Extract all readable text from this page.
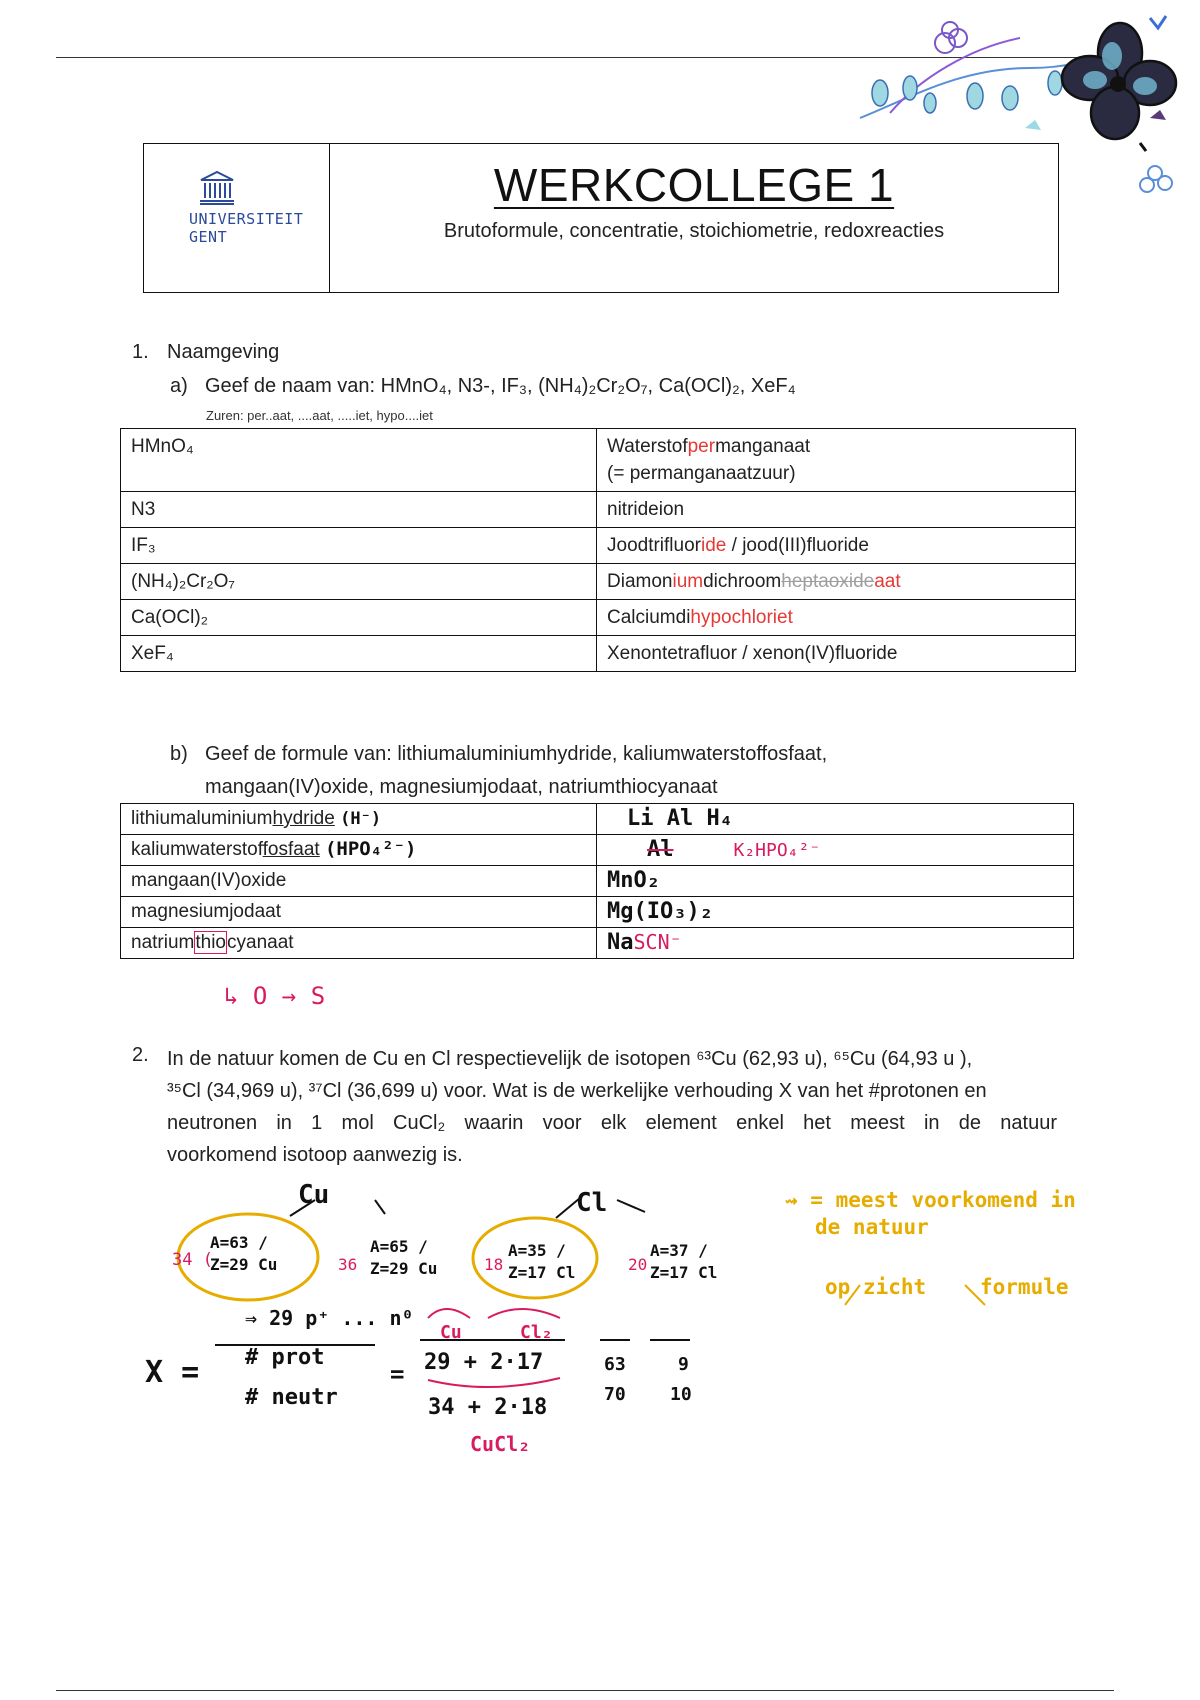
UNIVERSITEIT
GENT
WERKCOLLEGE 1
Brutoformule, concentratie, stoichiometrie, redoxreacties
1. Naamgeving
a) Geef de naam van: HMnO₄, N3-, IF₃, (NH₄)₂Cr₂O₇, Ca(OCl)₂, XeF₄
Zuren: per..aat, ....aat, .....iet, hypo....iet
HMnO₄	Waterstofpermanganaat
(= permanganaatzuur)
N3	nitrideion
IF₃	Joodtrifluoride / jood(III)fluoride
(NH₄)₂Cr₂O₇	Diamoniumdichroomheptaoxideaat
Ca(OCl)₂	Calciumdihypochloriet
XeF₄	Xenontetrafluor / xenon(IV)fluoride
b) Geef de formule van: lithiumaluminiumhydride, kaliumwaterstoffosfaat,
mangaan(IV)oxide, magnesiumjodaat, natriumthiocyanaat
lithiumaluminiumhydride (H⁻)	Li Al H₄
kaliumwaterstoffosfaat (HPO₄²⁻)	Al K₂HPO₄²⁻
mangaan(IV)oxide	MnO₂
magnesiumjodaat	Mg(IO₃)₂
natriumthiocyanaat	NaSCN⁻
↳ O → S
2. In de natuur komen de Cu en Cl respectievelijk de isotopen ⁶³Cu (62,93 u), ⁶⁵Cu (64,93 u ),
³⁵Cl (34,969 u), ³⁷Cl (36,699 u) voor. Wat is de werkelijke verhouding X van het #protonen en
neutronen in 1 mol CuCl₂ waarin voor elk element enkel het meest in de natuur
voorkomend isotoop aanwezig is.
Cu	Cl
34 (
A=63 / Z=29 Cu	36
A=65 / Z=29 Cu	18
A=35 / Z=17 Cl	20
A=37 / Z=17 Cl
⇒ 29 p⁺ ... n⁰
X = # prot
# neutr
=
Cu	Cl₂
29 + 2·17
34 + 2·18
CuCl₂
63
70
9
10
⇝ = meest voorkomend in
de natuur
op zicht	formule
